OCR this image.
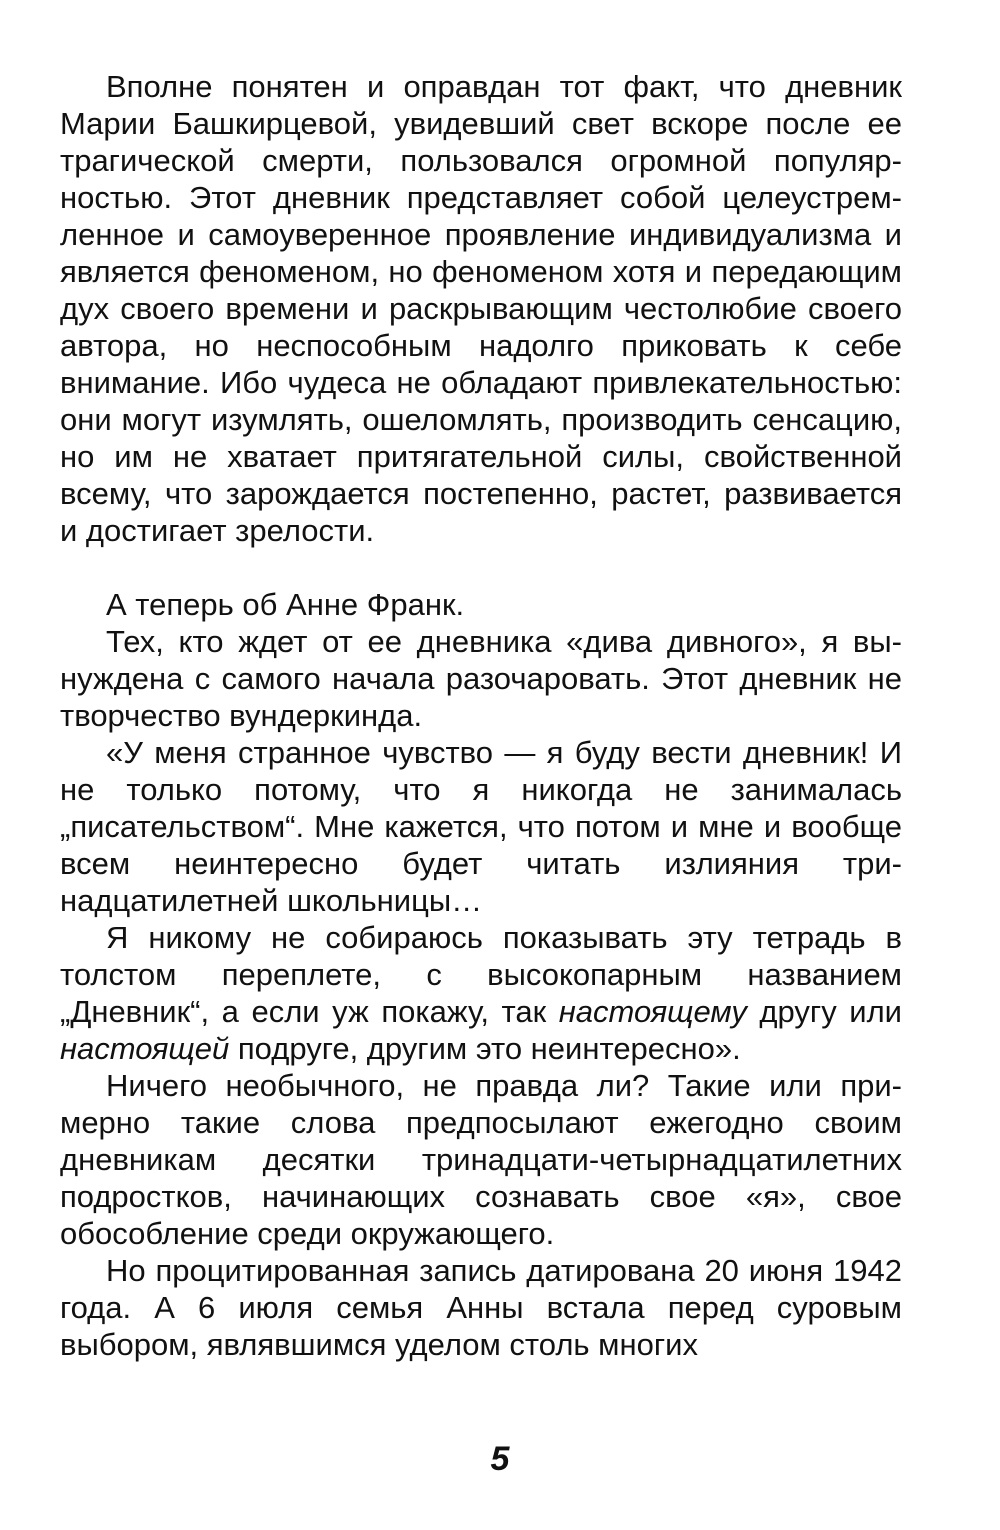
Вполне понятен и оправдан тот факт, что дневник Марии Башкирцевой, увидевший свет вскоре после ее трагической смерти, пользовался огромной популярностью. Этот дневник представляет собой целеустремленное и самоуверенное проявление индивидуализма и является феноменом, но феноменом хотя и передающим дух своего времени и раскрывающим честолюбие своего автора, но неспособным надолго приковать к себе внимание. Ибо чудеса не обладают привлекательностью: они могут изумлять, ошеломлять, производить сенсацию, но им не хватает притягательной силы, свойственной всему, что зарождается постепенно, растет, развивается и достигает зрелости.

А теперь об Анне Франк.

Тех, кто ждет от ее дневника «дива дивного», я вынуждена с самого начала разочаровать. Этот дневник не творчество вундеркинда.

«У меня странное чувство — я буду вести дневник! И не только потому, что я никогда не занималась „писательством“. Мне кажется, что потом и мне и вообще всем неинтересно будет читать излияния тринадцатилетней школьницы…

Я никому не собираюсь показывать эту тетрадь в толстом переплете, с высокопарным названием „Дневник“, а если уж покажу, так настоящему другу или настоящей подруге, другим это неинтересно».

Ничего необычного, не правда ли? Такие или примерно такие слова предпосылают ежегодно своим дневникам десятки тринадцати-четырнадцатилетних подростков, начинающих сознавать свое «я», свое обособление среди окружающего.

Но процитированная запись датирована 20 июня 1942 года. А 6 июля семья Анны встала перед суровым выбором, являвшимся уделом столь многих

5
